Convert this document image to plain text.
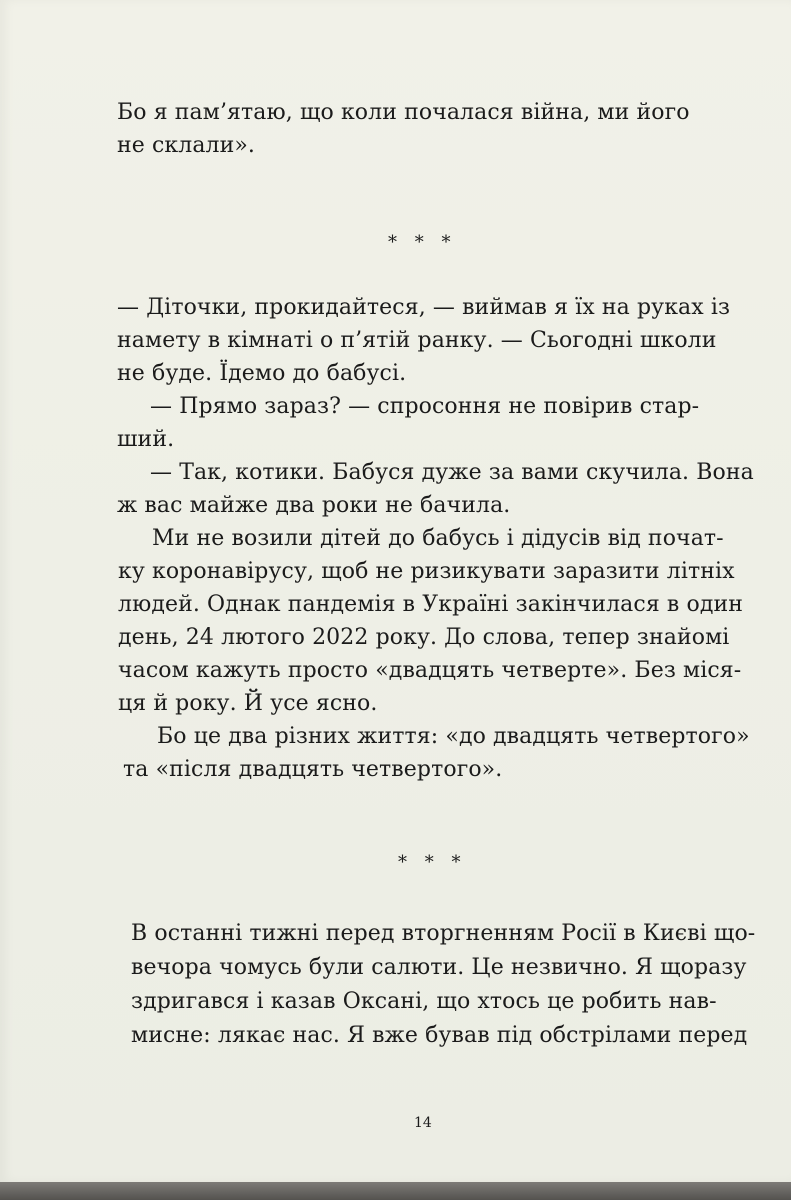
Бо я пам’ятаю, що коли почалася війна, ми його
не склали».
* * *
— Діточки, прокидайтеся, — виймав я їх на руках із
намету в кімнаті о п’ятій ранку. — Сьогодні школи
не буде. Їдемо до бабусі.
— Прямо зараз? — спросоння не повірив стар-
ший.
— Так, котики. Бабуся дуже за вами скучила. Вона
ж вас майже два роки не бачила.
Ми не возили дітей до бабусь і дідусів від почат-
ку коронавірусу, щоб не ризикувати заразити літніх
людей. Однак пандемія в Україні закінчилася в один
день, 24 лютого 2022 року. До слова, тепер знайомі
часом кажуть просто «двадцять четверте». Без міся-
ця й року. Й усе ясно.
Бо це два різних життя: «до двадцять четвертого»
та «після двадцять четвертого».
* * *
В останні тижні перед вторгненням Росії в Києві що-
вечора чомусь були салюти. Це незвично. Я щоразу
здригався і казав Оксані, що хтось це робить нав-
мисне: лякає нас. Я вже бував під обстрілами перед
14
